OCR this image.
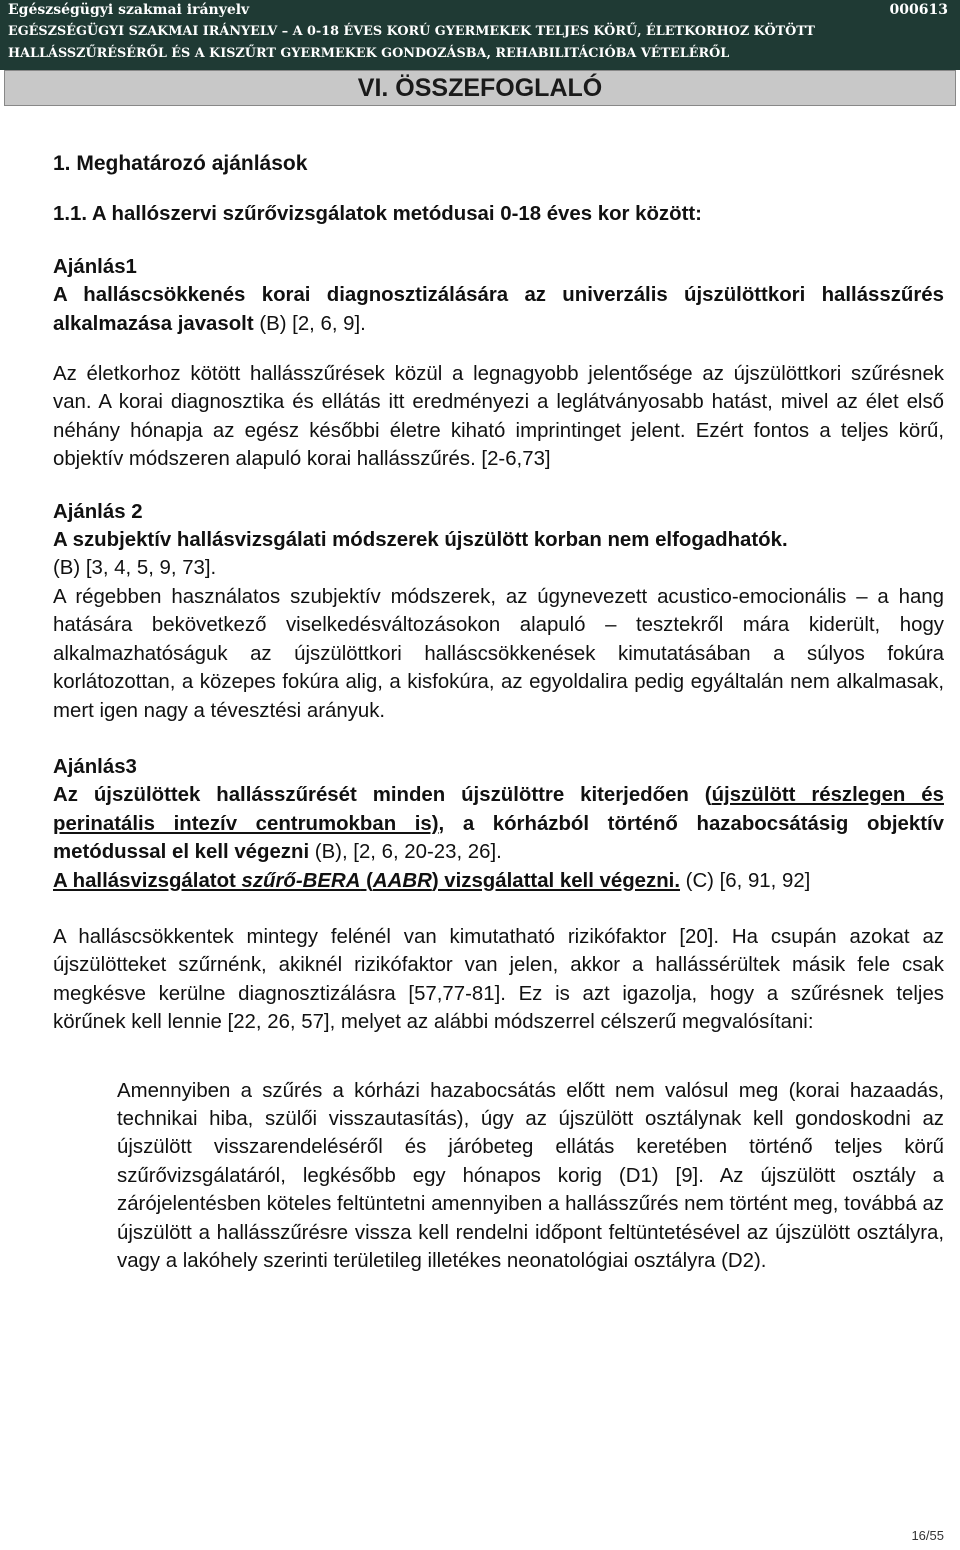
Egészségügyi szakmai irányelv	000613
EGÉSZSÉGÜGYI SZAKMAI IRÁNYELV – A 0-18 ÉVES KORÚ GYERMEKEK TELJES KÖRŰ, ÉLETKORHOZ KÖTÖTT
HALLÁSSZŰRÉSÉRŐL ÉS A KISZŰRT GYERMEKEK GONDOZÁSBA, REHABILITÁCIÓBA VÉTELÉRŐL
VI. ÖSSZEFOGLALÓ

1. Meghatározó ajánlások

1.1. A hallószervi szűrővizsgálatok metódusai 0-18 éves kor között:

Ajánlás1

A halláscsökkenés korai diagnosztizálására az univerzális újszülöttkori hallásszűrés alkalmazása javasolt (B) [2, 6, 9].

Az életkorhoz kötött hallásszűrések közül a legnagyobb jelentősége az újszülöttkori szűrésnek van. A korai diagnosztika és ellátás itt eredményezi a leglátványosabb hatást, mivel az élet első néhány hónapja az egész későbbi életre kiható imprintinget jelent. Ezért fontos a teljes körű, objektív módszeren alapuló korai hallásszűrés. [2-6,73]

Ajánlás 2

A szubjektív hallásvizsgálati módszerek újszülött korban nem elfogadhatók.

(B) [3, 4, 5, 9, 73].

A régebben használatos szubjektív módszerek, az úgynevezett acustico-emocionális – a hang hatására bekövetkező viselkedésváltozásokon alapuló – tesztekről mára kiderült, hogy alkalmazhatóságuk az újszülöttkori halláscsökkenések kimutatásában a súlyos fokúra korlátozottan, a közepes fokúra alig, a kisfokúra, az egyoldalira pedig egyáltalán nem alkalmasak, mert igen nagy a tévesztési arányuk.

Ajánlás3

Az újszülöttek hallásszűrését minden újszülöttre kiterjedően (újszülött részlegen és perinatális intezív centrumokban is), a kórházból történő hazabocsátásig objektív metódussal el kell végezni (B), [2, 6, 20-23, 26].

A hallásvizsgálatot szűrő-BERA (AABR) vizsgálattal kell végezni. (C) [6, 91, 92]

A halláscsökkentek mintegy felénél van kimutatható rizikófaktor [20]. Ha csupán azokat az újszülötteket szűrnénk, akiknél rizikófaktor van jelen, akkor a hallássérültek másik fele csak megkésve kerülne diagnosztizálásra [57,77-81]. Ez is azt igazolja, hogy a szűrésnek teljes körűnek kell lennie [22, 26, 57], melyet az alábbi módszerrel célszerű megvalósítani:

Amennyiben a szűrés a kórházi hazabocsátás előtt nem valósul meg (korai hazaadás, technikai hiba, szülői visszautasítás), úgy az újszülött osztálynak kell gondoskodni az újszülött visszarendeléséről és járóbeteg ellátás keretében történő teljes körű szűrővizsgálatáról, legkésőbb egy hónapos korig (D1) [9]. Az újszülött osztály a zárójelentésben köteles feltüntetni amennyiben a hallásszűrés nem történt meg, továbbá az újszülött a hallásszűrésre vissza kell rendelni időpont feltüntetésével az újszülött osztályra, vagy a lakóhely szerinti területileg illetékes neonatológiai osztályra (D2).

16/55
